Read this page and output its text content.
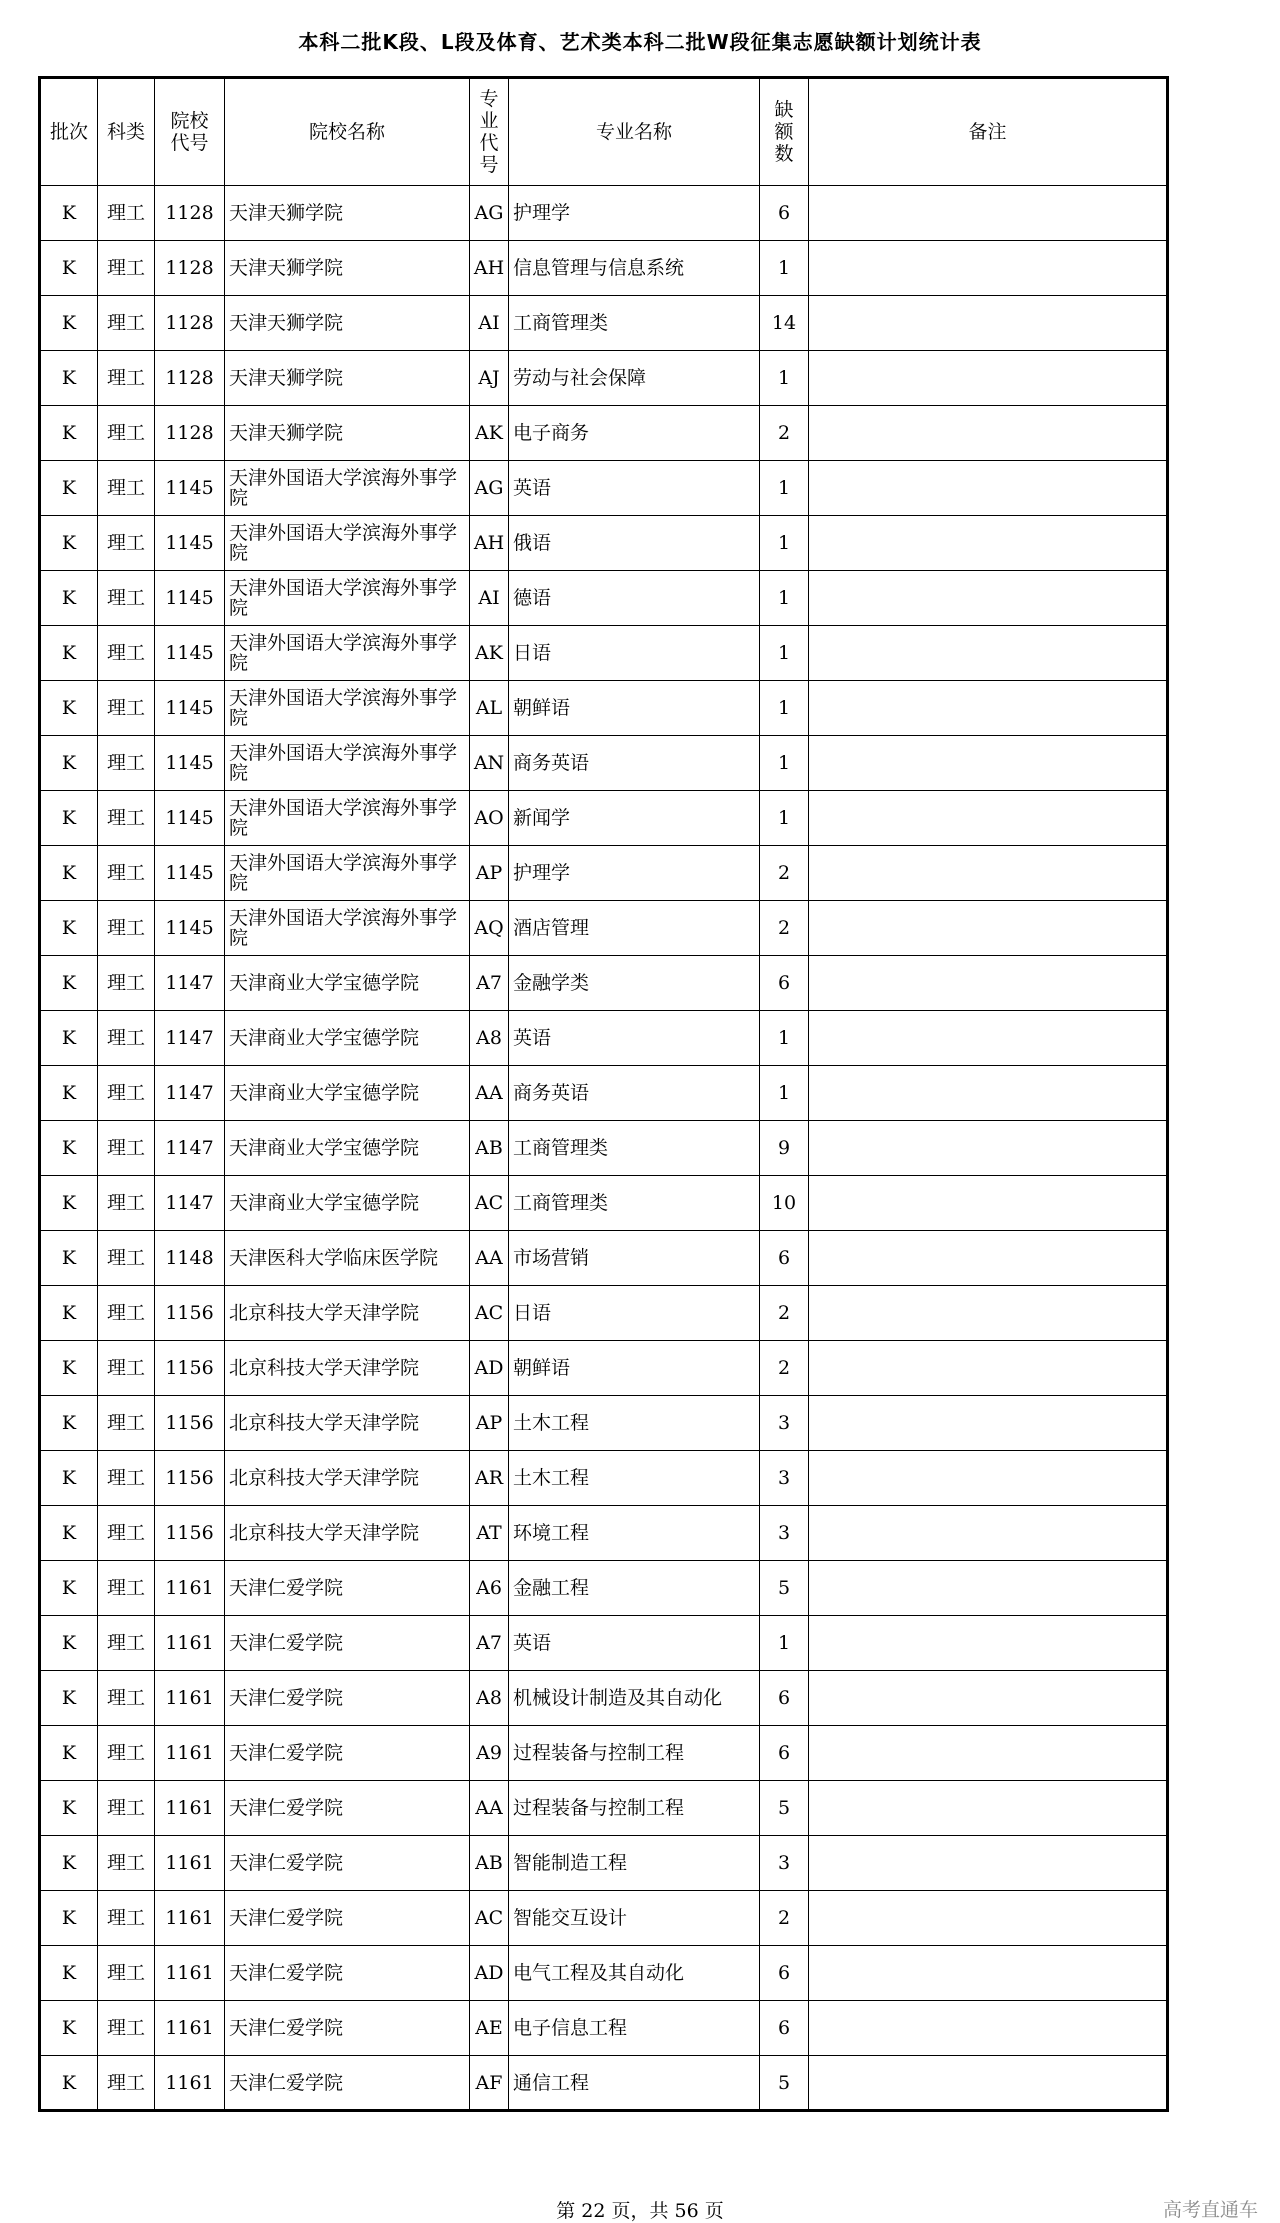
本科二批K段、L段及体育、艺术类本科二批W段征集志愿缺额计划统计表
批次	科类	院校代号	院校名称	专业代号	专业名称	缺额数	备注
K	理工	1128	天津天狮学院	AG	护理学	6	
K	理工	1128	天津天狮学院	AH	信息管理与信息系统	1	
K	理工	1128	天津天狮学院	AI	工商管理类	14	
K	理工	1128	天津天狮学院	AJ	劳动与社会保障	1	
K	理工	1128	天津天狮学院	AK	电子商务	2	
K	理工	1145	天津外国语大学滨海外事学院	AG	英语	1	
K	理工	1145	天津外国语大学滨海外事学院	AH	俄语	1	
K	理工	1145	天津外国语大学滨海外事学院	AI	德语	1	
K	理工	1145	天津外国语大学滨海外事学院	AK	日语	1	
K	理工	1145	天津外国语大学滨海外事学院	AL	朝鲜语	1	
K	理工	1145	天津外国语大学滨海外事学院	AN	商务英语	1	
K	理工	1145	天津外国语大学滨海外事学院	AO	新闻学	1	
K	理工	1145	天津外国语大学滨海外事学院	AP	护理学	2	
K	理工	1145	天津外国语大学滨海外事学院	AQ	酒店管理	2	
K	理工	1147	天津商业大学宝德学院	A7	金融学类	6	
K	理工	1147	天津商业大学宝德学院	A8	英语	1	
K	理工	1147	天津商业大学宝德学院	AA	商务英语	1	
K	理工	1147	天津商业大学宝德学院	AB	工商管理类	9	
K	理工	1147	天津商业大学宝德学院	AC	工商管理类	10	
K	理工	1148	天津医科大学临床医学院	AA	市场营销	6	
K	理工	1156	北京科技大学天津学院	AC	日语	2	
K	理工	1156	北京科技大学天津学院	AD	朝鲜语	2	
K	理工	1156	北京科技大学天津学院	AP	土木工程	3	
K	理工	1156	北京科技大学天津学院	AR	土木工程	3	
K	理工	1156	北京科技大学天津学院	AT	环境工程	3	
K	理工	1161	天津仁爱学院	A6	金融工程	5	
K	理工	1161	天津仁爱学院	A7	英语	1	
K	理工	1161	天津仁爱学院	A8	机械设计制造及其自动化	6	
K	理工	1161	天津仁爱学院	A9	过程装备与控制工程	6	
K	理工	1161	天津仁爱学院	AA	过程装备与控制工程	5	
K	理工	1161	天津仁爱学院	AB	智能制造工程	3	
K	理工	1161	天津仁爱学院	AC	智能交互设计	2	
K	理工	1161	天津仁爱学院	AD	电气工程及其自动化	6	
K	理工	1161	天津仁爱学院	AE	电子信息工程	6	
K	理工	1161	天津仁爱学院	AF	通信工程	5	
第 22 页，共 56 页	高考直通车
